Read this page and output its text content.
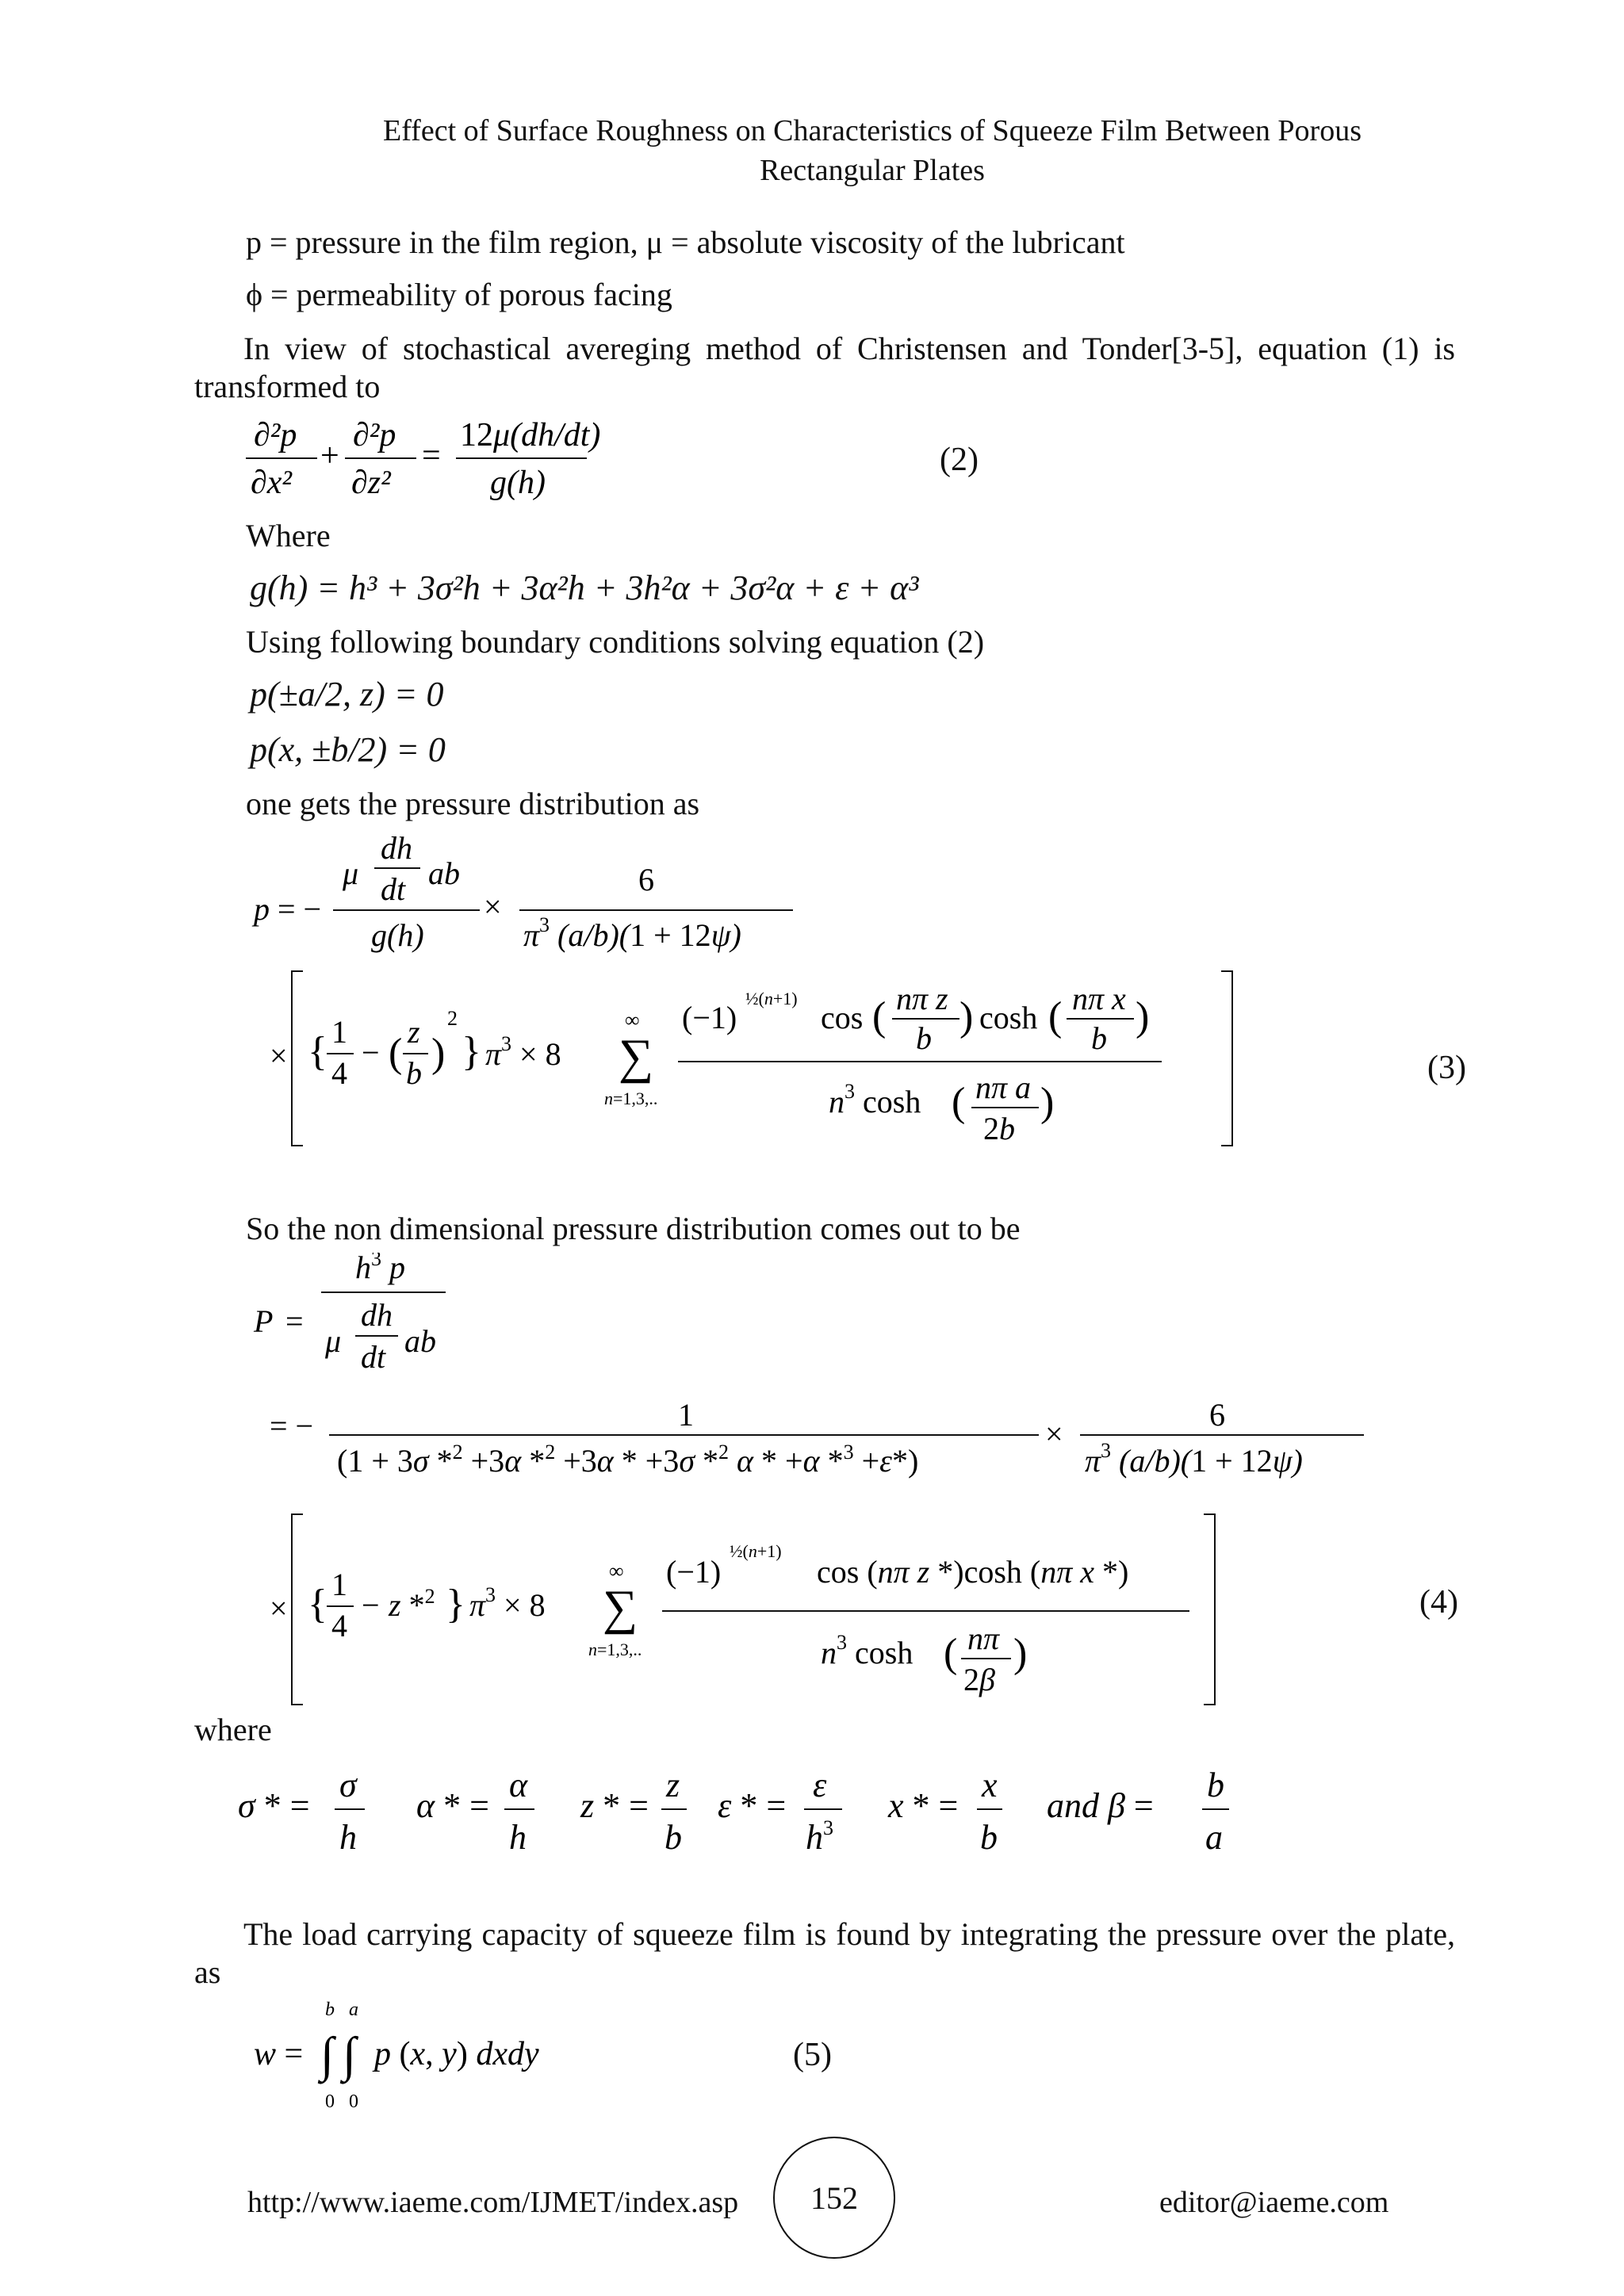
Effect of Surface Roughness on Characteristics of Squeeze Film Between Porous
Rectangular Plates
p = pressure in the film region, μ = absolute viscosity of the lubricant
ϕ = permeability of porous facing
In view of stochastical avereging method of Christensen and Tonder[3-5], equation (1) is transformed to
∂²p
∂x²
+
∂²p
∂z²
=
12μ(dh/dt)
g(h)
(2)
Where
g(h) = h³ + 3σ²h + 3α²h + 3h²α + 3σ²α + ε + α³
Using following boundary conditions solving equation (2)
p(±a/2, z) = 0
p(x, ±b/2) = 0
one gets the pressure distribution as
p = −
μ
dh
dt ab
g(h)
×
6
$\pi^3$ (a/b)(1 + 12ψ)
× { 1
4
− ( z
b )
2
} $\pi^3 \times 8$
∞
∑
n=1,3,..
(−1)
½(n+1)
cos ( nπ z
b ) cosh ( nπ x
b )
$n^3$ cosh ( nπ a
2b
)
(3)
So the non dimensional pressure distribution comes out to be
P =
$h^3$ p
μ
dh
dt ab
= −	1
(1 + 3σ *$^2$ +3α *$^2$ +3α * +3σ *$^2$ α * +α *$^3$ +ε*)
×
6
$\pi^3$ (a/b)(1 + 12ψ)
× { 1
4
− z *$^2$ } $\pi^3 \times 8$
∞
∑
n=1,3,..
(−1)
½(n+1)
cos (nπ z *)cosh (nπ x *)
$n^3$ cosh ( nπ
2β
)
(4)
where
σ * =
σ
h
α * =
α
h
z * =
z
b
ε * =
ε
$h^3$
x * =
x
b
and β =
b
a
The load carrying capacity of squeeze film is found by integrating the pressure over the plate, as
w =
b a
∫ ∫
0 0
p (x, y) dxdy	(5)
http://www.iaeme.com/IJMET/index.asp 152	editor@iaeme.com
